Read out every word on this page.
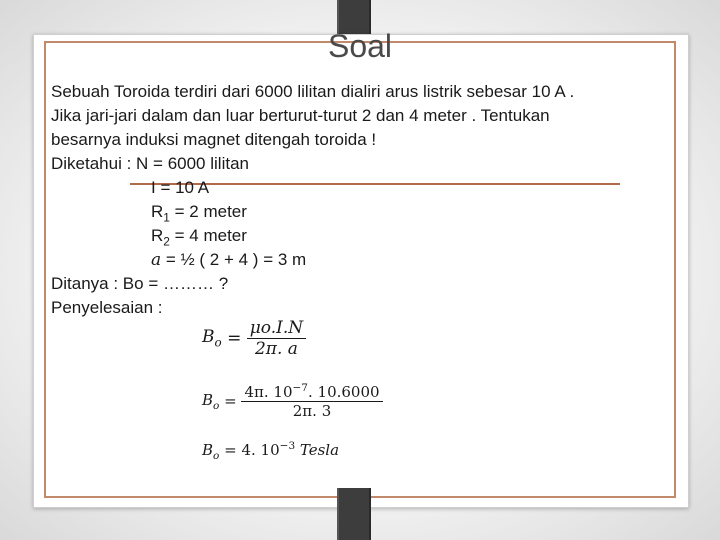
Soal
Sebuah Toroida terdiri dari 6000 lilitan dialiri arus listrik sebesar 10 A .
Jika jari-jari dalam dan luar berturut-turut 2 dan 4 meter . Tentukan
besarnya induksi magnet ditengah toroida !
Diketahui : N = 6000 lilitan
I = 10 A
$R_1 = 2$ meter
$R_2 = 4$ meter
a = ½ ( 2 + 4 ) = 3 m
Ditanya : Bo = ……… ?
Penyelesaian :
$B_o = \frac{\mu o.I.N}{2\pi. a}$
$B_o = \frac{4\pi. 10^{-7}. 10.6000}{2\pi. 3}$
$B_o = 4$. $10^{-3}$ Tesla
